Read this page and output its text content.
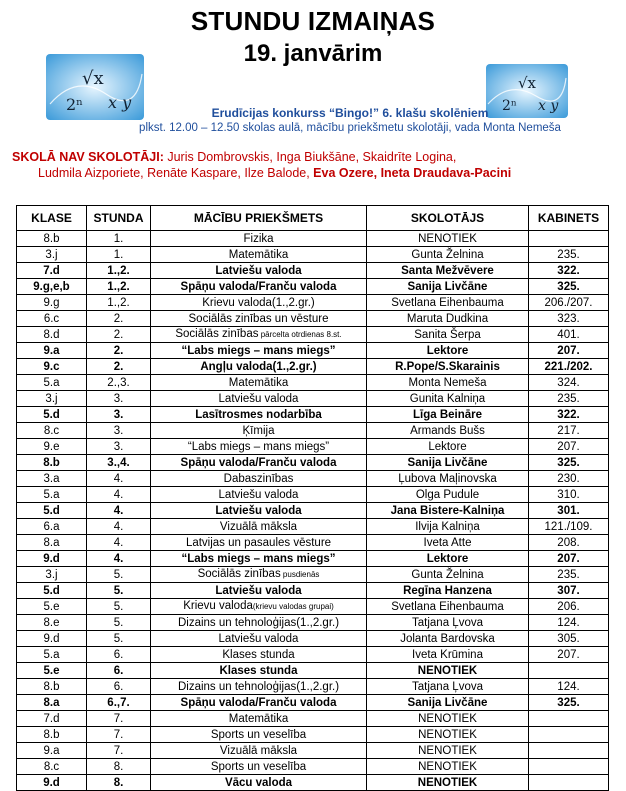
STUNDU IZMAIŅAS
19. janvārim
√x
2ⁿ x y
√x
2ⁿ x y
Erudīcijas konkurss “Bingo!” 6. klašu skolēniem
plkst. 12.00 – 12.50 skolas aulā, mācību priekšmetu skolotāji, vada Monta Nemeša
SKOLĀ NAV SKOLOTĀJI: Juris Dombrovskis, Inga Biukšāne, Skaidrīte Logina,
Ludmila Aizporiete, Renāte Kaspare, Ilze Balode, Eva Ozere, Ineta Draudava-Pacini
KLASE	STUNDA	MĀCĪBU PRIEKŠMETS	SKOLOTĀJS	KABINETS
8.b	1.	Fizika	NENOTIEK	
3.j	1.	Matemātika	Gunta Želnina	235.
7.d	1.,2.	Latviešu valoda	Santa Mežvēvere	322.
9.g,e,b	1.,2.	Spāņu valoda/Franču valoda	Sanija Livčāne	325.
9.g	1.,2.	Krievu valoda(1.,2.gr.)	Svetlana Eihenbauma	206./207.
6.c	2.	Sociālās zinības un vēsture	Maruta Dudkina	323.
8.d	2.	Sociālās zinības pārcelta otrdienas 8.st.	Sanita Šerpa	401.
9.a	2.	“Labs miegs – mans miegs”	Lektore	207.
9.c	2.	Angļu valoda(1.,2.gr.)	R.Pope/S.Skarainis	221./202.
5.a	2.,3.	Matemātika	Monta Nemeša	324.
3.j	3.	Latviešu valoda	Gunita Kalniņa	235.
5.d	3.	Lasītrosmes nodarbība	Līga Beināre	322.
8.c	3.	Ķīmija	Armands Bušs	217.
9.e	3.	“Labs miegs – mans miegs”	Lektore	207.
8.b	3.,4.	Spāņu valoda/Franču valoda	Sanija Livčāne	325.
3.a	4.	Dabaszinības	Ļubova Maļinovska	230.
5.a	4.	Latviešu valoda	Olga Pudule	310.
5.d	4.	Latviešu valoda	Jana Bistere-Kalniņa	301.
6.a	4.	Vizuālā māksla	Ilvija Kalniņa	121./109.
8.a	4.	Latvijas un pasaules vēsture	Iveta Atte	208.
9.d	4.	“Labs miegs – mans miegs”	Lektore	207.
3.j	5.	Sociālās zinības pusdienās	Gunta Želnina	235.
5.d	5.	Latviešu valoda	Regīna Hanzena	307.
5.e	5.	Krievu valoda(krievu valodas grupai)	Svetlana Eihenbauma	206.
8.e	5.	Dizains un tehnoloģijas(1.,2.gr.)	Tatjana Ļvova	124.
9.d	5.	Latviešu valoda	Jolanta Bardovska	305.
5.a	6.	Klases stunda	Iveta Krūmina	207.
5.e	6.	Klases stunda	NENOTIEK	
8.b	6.	Dizains un tehnoloģijas(1.,2.gr.)	Tatjana Ļvova	124.
8.a	6.,7.	Spāņu valoda/Franču valoda	Sanija Livčāne	325.
7.d	7.	Matemātika	NENOTIEK	
8.b	7.	Sports un veselība	NENOTIEK	
9.a	7.	Vizuālā māksla	NENOTIEK	
8.c	8.	Sports un veselība	NENOTIEK	
9.d	8.	Vācu valoda	NENOTIEK	
